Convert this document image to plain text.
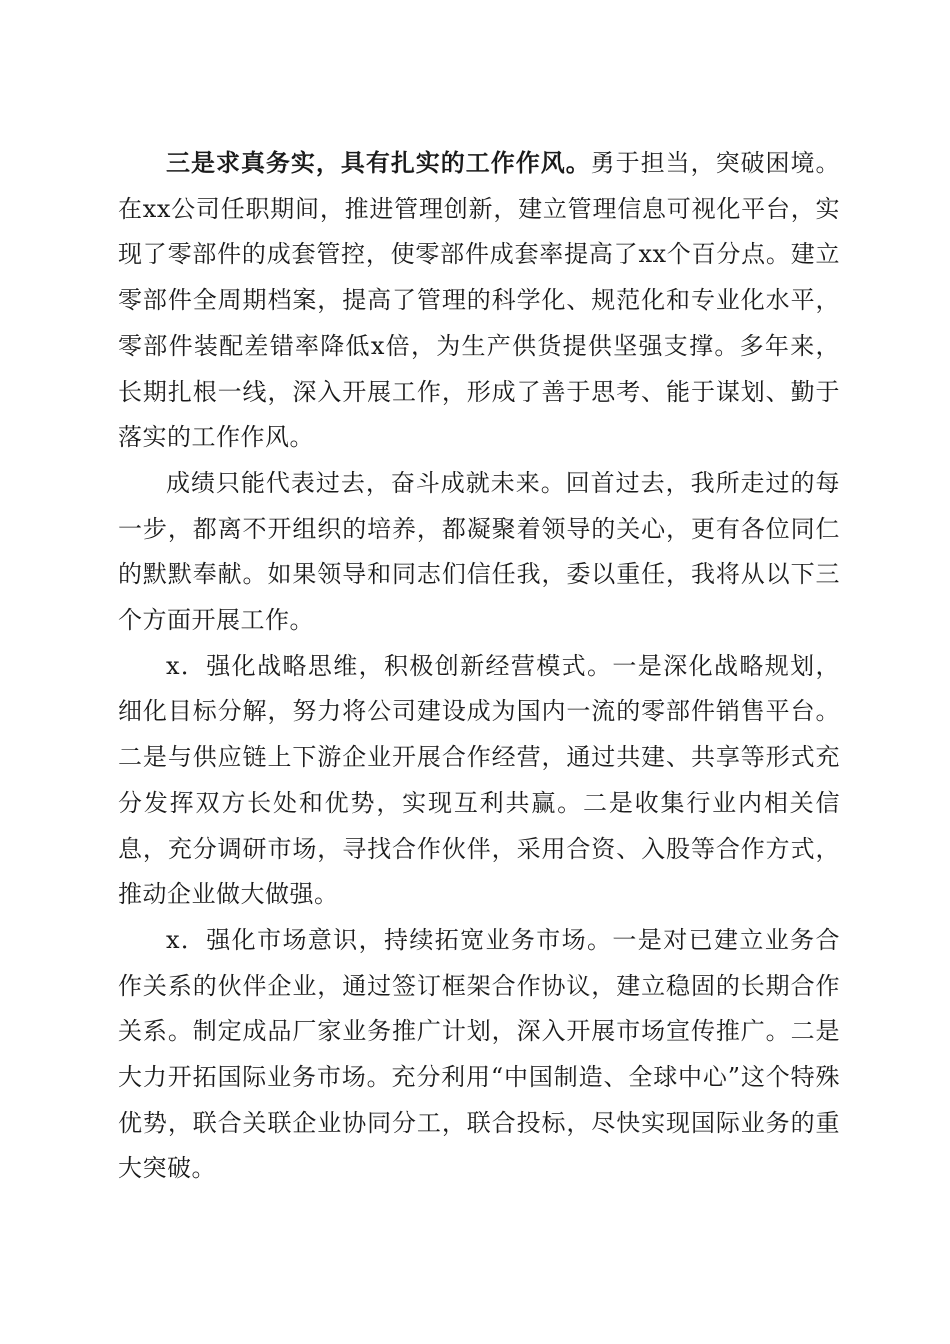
三是求真务实，具有扎实的工作作风。勇于担当，突破困境。在xx公司任职期间，推进管理创新，建立管理信息可视化平台，实现了零部件的成套管控，使零部件成套率提高了xx个百分点。建立零部件全周期档案，提高了管理的科学化、规范化和专业化水平，零部件装配差错率降低x倍，为生产供货提供坚强支撑。多年来，长期扎根一线，深入开展工作，形成了善于思考、能于谋划、勤于落实的工作作风。

成绩只能代表过去，奋斗成就未来。回首过去，我所走过的每一步，都离不开组织的培养，都凝聚着领导的关心，更有各位同仁的默默奉献。如果领导和同志们信任我，委以重任，我将从以下三个方面开展工作。

x．强化战略思维，积极创新经营模式。一是深化战略规划，细化目标分解，努力将公司建设成为国内一流的零部件销售平台。二是与供应链上下游企业开展合作经营，通过共建、共享等形式充分发挥双方长处和优势，实现互利共赢。二是收集行业内相关信息，充分调研市场，寻找合作伙伴，采用合资、入股等合作方式，推动企业做大做强。

x．强化市场意识，持续拓宽业务市场。一是对已建立业务合作关系的伙伴企业，通过签订框架合作协议，建立稳固的长期合作关系。制定成品厂家业务推广计划，深入开展市场宣传推广。二是大力开拓国际业务市场。充分利用“中国制造、全球中心”这个特殊优势，联合关联企业协同分工，联合投标，尽快实现国际业务的重大突破。
